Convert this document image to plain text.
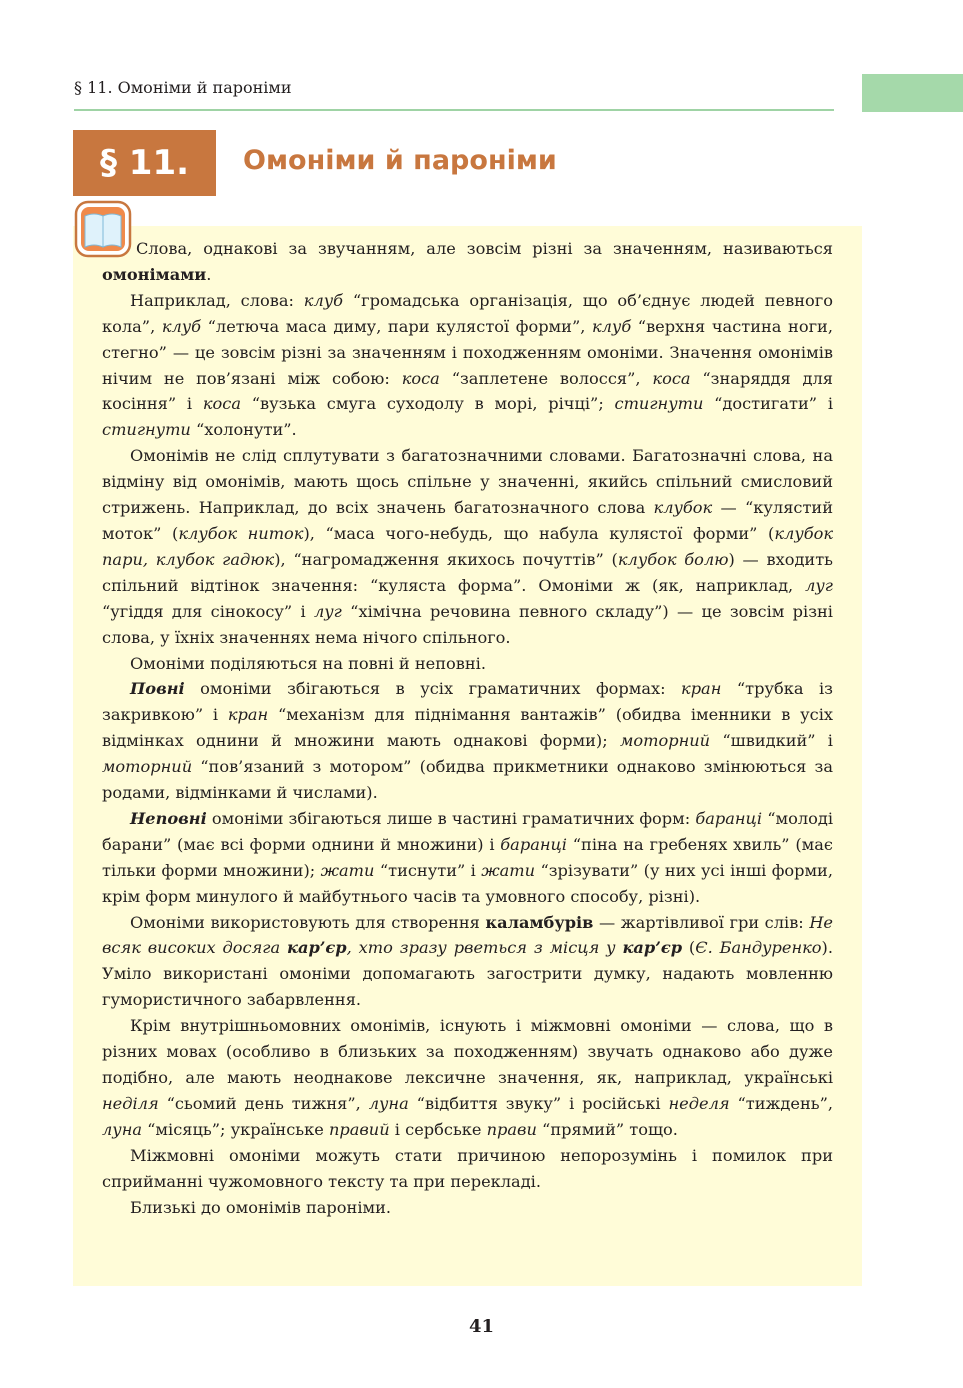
§ 11. Омоніми й пароніми
§ 11.	Омоніми й пароніми

Слова, однакові за звучанням, але зовсім різні за значенням, називаються омонімами.

Наприклад, слова: клуб “громадська організація, що об’єднує людей певного кола”, клуб “летюча маса диму, пари кулястої форми”, клуб “верхня частина ноги, стегно” — це зовсім різні за значенням і походженням омоніми. Значення омонімів нічим не пов’язані між собою: коса “заплетене волосся”, коса “знаряддя для косіння” і коса “вузька смуга суходолу в морі, річці”; стигнути “достигати” і стигнути “холонути”.

Омонімів не слід сплутувати з багатозначними словами. Багатозначні слова, на відміну від омонімів, мають щось спільне у значенні, якийсь спільний смисловий стрижень. Наприклад, до всіх значень багатозначного слова клубок — “кулястий моток” (клубок ниток), “маса чого-небудь, що набула кулястої форми” (клубок пари, клубок гадюк), “нагромадження якихось почуттів” (клубок болю) — входить спільний відтінок значення: “куляста форма”. Омоніми ж (як, наприклад, луг “угіддя для сінокосу” і луг “хімічна речовина певного складу”) — це зовсім різні слова, у їхніх значеннях нема нічого спільного.

Омоніми поділяються на повні й неповні.

Повні омоніми збігаються в усіх граматичних формах: кран “трубка із закривкою” і кран “механізм для піднімання вантажів” (обидва іменники в усіх відмінках однини й множини мають однакові форми); моторний “швидкий” і моторний “пов’язаний з мотором” (обидва прикметники однаково змінюються за родами, відмінками й числами).

Неповні омоніми збігаються лише в частині граматичних форм: баранці “молоді барани” (має всі форми однини й множини) і баранці “піна на гребенях хвиль” (має тільки форми множини); жати “тиснути” і жати “зрізувати” (у них усі інші форми, крім форм минулого й майбутнього часів та умовного способу, різні).

Омоніми використовують для створення каламбурів — жартівливої гри слів: Не всяк високих досяга кар’єр, хто зразу рветься з місця у кар’єр (Є. Бандуренко). Уміло використані омоніми допомагають загострити думку, надають мовленню гумористичного забарвлення.

Крім внутрішньомовних омонімів, існують і міжмовні омоніми — слова, що в різних мовах (особливо в близьких за походженням) звучать однаково або дуже подібно, але мають неоднакове лексичне значення, як, наприклад, українські неділя “сьомий день тижня”, луна “відбиття звуку” і російські неделя “тиждень”, луна “місяць”; українське правий і сербське прави “прямий” тощо.

Міжмовні омоніми можуть стати причиною непорозумінь і помилок при сприйманні чужомовного тексту та при перекладі.

Близькі до омонімів пароніми.

41
